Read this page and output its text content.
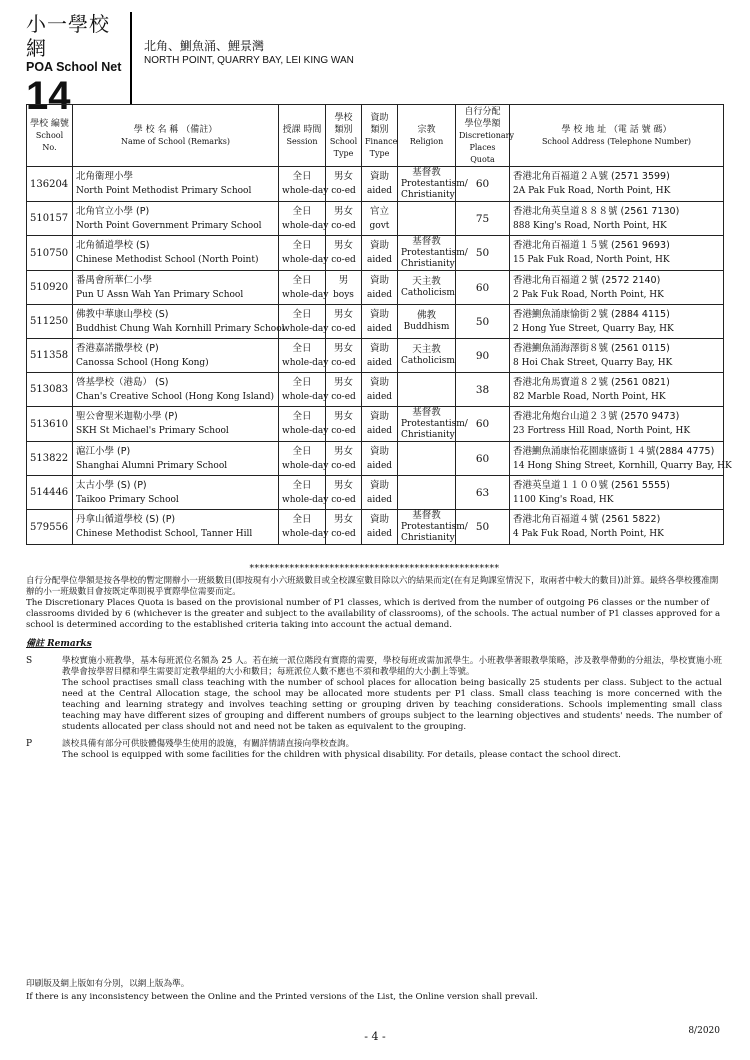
小一學校網
POA School Net
14
北角、鰂魚涌、鯉景灣
NORTH POINT, QUARRY BAY, LEI KING WAN
學校 編號
School No.	學 校 名 稱 （備註）
Name of School (Remarks)	授課 時間
Session	學校 類別
School Type	資助 類別
Finance Type	宗教
Religion	自行分配 學位學額
Discretionary Places Quota	學 校 地 址 （電 話 號 碼）
School Address (Telephone Number)

136204	北角衞理小學
North Point Methodist Primary School	全日
whole-day	男女
co-ed	資助
aided	基督教
Protestantism/ Christianity	60	香港北角百福道２Ａ號 (2571 3599)
2A Pak Fuk Road, North Point, HK

510157	北角官立小學 (P)
North Point Government Primary School	全日
whole-day	男女
co-ed	官立
govt		75	香港北角英皇道８８８號 (2561 7130)
888 King's Road, North Point, HK

510750	北角循道學校 (S)
Chinese Methodist School (North Point)	全日
whole-day	男女
co-ed	資助
aided	基督教
Protestantism/ Christianity	50	香港北角百福道１５號 (2561 9693)
15 Pak Fuk Road, North Point, HK

510920	番禺會所華仁小學
Pun U Assn Wah Yan Primary School	全日
whole-day	男
boys	資助
aided	天主教
Catholicism	60	香港北角百福道２號 (2572 2140)
2 Pak Fuk Road, North Point, HK

511250	佛教中華康山學校 (S)
Buddhist Chung Wah Kornhill Primary School	全日
whole-day	男女
co-ed	資助
aided	佛教
Buddhism	50	香港鰂魚涌康愉街２號 (2884 4115)
2 Hong Yue Street, Quarry Bay, HK

511358	香港嘉諾撒學校 (P)
Canossa School (Hong Kong)	全日
whole-day	男女
co-ed	資助
aided	天主教
Catholicism	90	香港鰂魚涌海澤街８號 (2561 0115)
8 Hoi Chak Street, Quarry Bay, HK

513083	啓基學校（港島） (S)
Chan's Creative School (Hong Kong Island)	全日
whole-day	男女
co-ed	資助
aided		38	香港北角馬寶道８２號 (2561 0821)
82 Marble Road, North Point, HK

513610	聖公會聖米迦勒小學 (P)
SKH St Michael's Primary School	全日
whole-day	男女
co-ed	資助
aided	基督教
Protestantism/ Christianity	60	香港北角炮台山道２３號 (2570 9473)
23 Fortress Hill Road, North Point, HK

513822	滬江小學 (P)
Shanghai Alumni Primary School	全日
whole-day	男女
co-ed	資助
aided		60	香港鰂魚涌康怡花園康盛街１４號(2884 4775)
14 Hong Shing Street, Kornhill, Quarry Bay, HK

514446	太古小學 (S) (P)
Taikoo Primary School	全日
whole-day	男女
co-ed	資助
aided		63	香港英皇道１１００號 (2561 5555)
1100 King's Road, HK

579556	丹拿山循道學校 (S) (P)
Chinese Methodist School, Tanner Hill	全日
whole-day	男女
co-ed	資助
aided	基督教
Protestantism/ Christianity	50	香港北角百福道４號 (2561 5822)
4 Pak Fuk Road, North Point, HK
**************************************************

自行分配學位學額是按各學校的暫定開辦小一班級數目(即按現有小六班級數目或全校課室數目除以六的結果而定(在有足夠課室情況下，取兩者中較大的數目))計算。最終各學校獲准開辦的小一班級數目會按既定準則視乎實際學位需要而定。

The Discretionary Places Quota is based on the provisional number of P1 classes, which is derived from the number of outgoing P6 classes or the number of classrooms divided by 6 (whichever is the greater and subject to the availability of classrooms), of the schools. The actual number of P1 classes approved for a school is determined according to the established criteria taking into account the actual demand.

備註 Remarks

S	學校實施小班教學，基本每班派位名額為 25 人。若在統一派位階段有實際的需要，學校每班或需加派學生。小班教學著眼教學策略，涉及教學帶動的分組法，學校實施小班教學會按學習目標和學生需要訂定教學組的大小和數目；每班派位人數不應也不須和教學組的大小劃上等號。

The school practises small class teaching with the number of school places for allocation being basically 25 students per class. Subject to the actual need at the Central Allocation stage, the school may be allocated more students per P1 class. Small class teaching is more concerned with the teaching and learning strategy and involves teaching setting or grouping driven by teaching considerations. Schools implementing small class teaching may have different sizes of grouping and different numbers of groups subject to the learning objectives and students' needs. The number of students allocated per class should not and need not be taken as equivalent to the grouping.

P	該校具備有部分可供肢體傷殘學生使用的設施，有關詳情請直接向學校查詢。

The school is equipped with some facilities for the children with physical disability. For details, please contact the school direct.

印刷版及網上版如有分別，以網上版為準。
If there is any inconsistency between the Online and the Printed versions of the List, the Online version shall prevail.
- 4 -	8/2020
